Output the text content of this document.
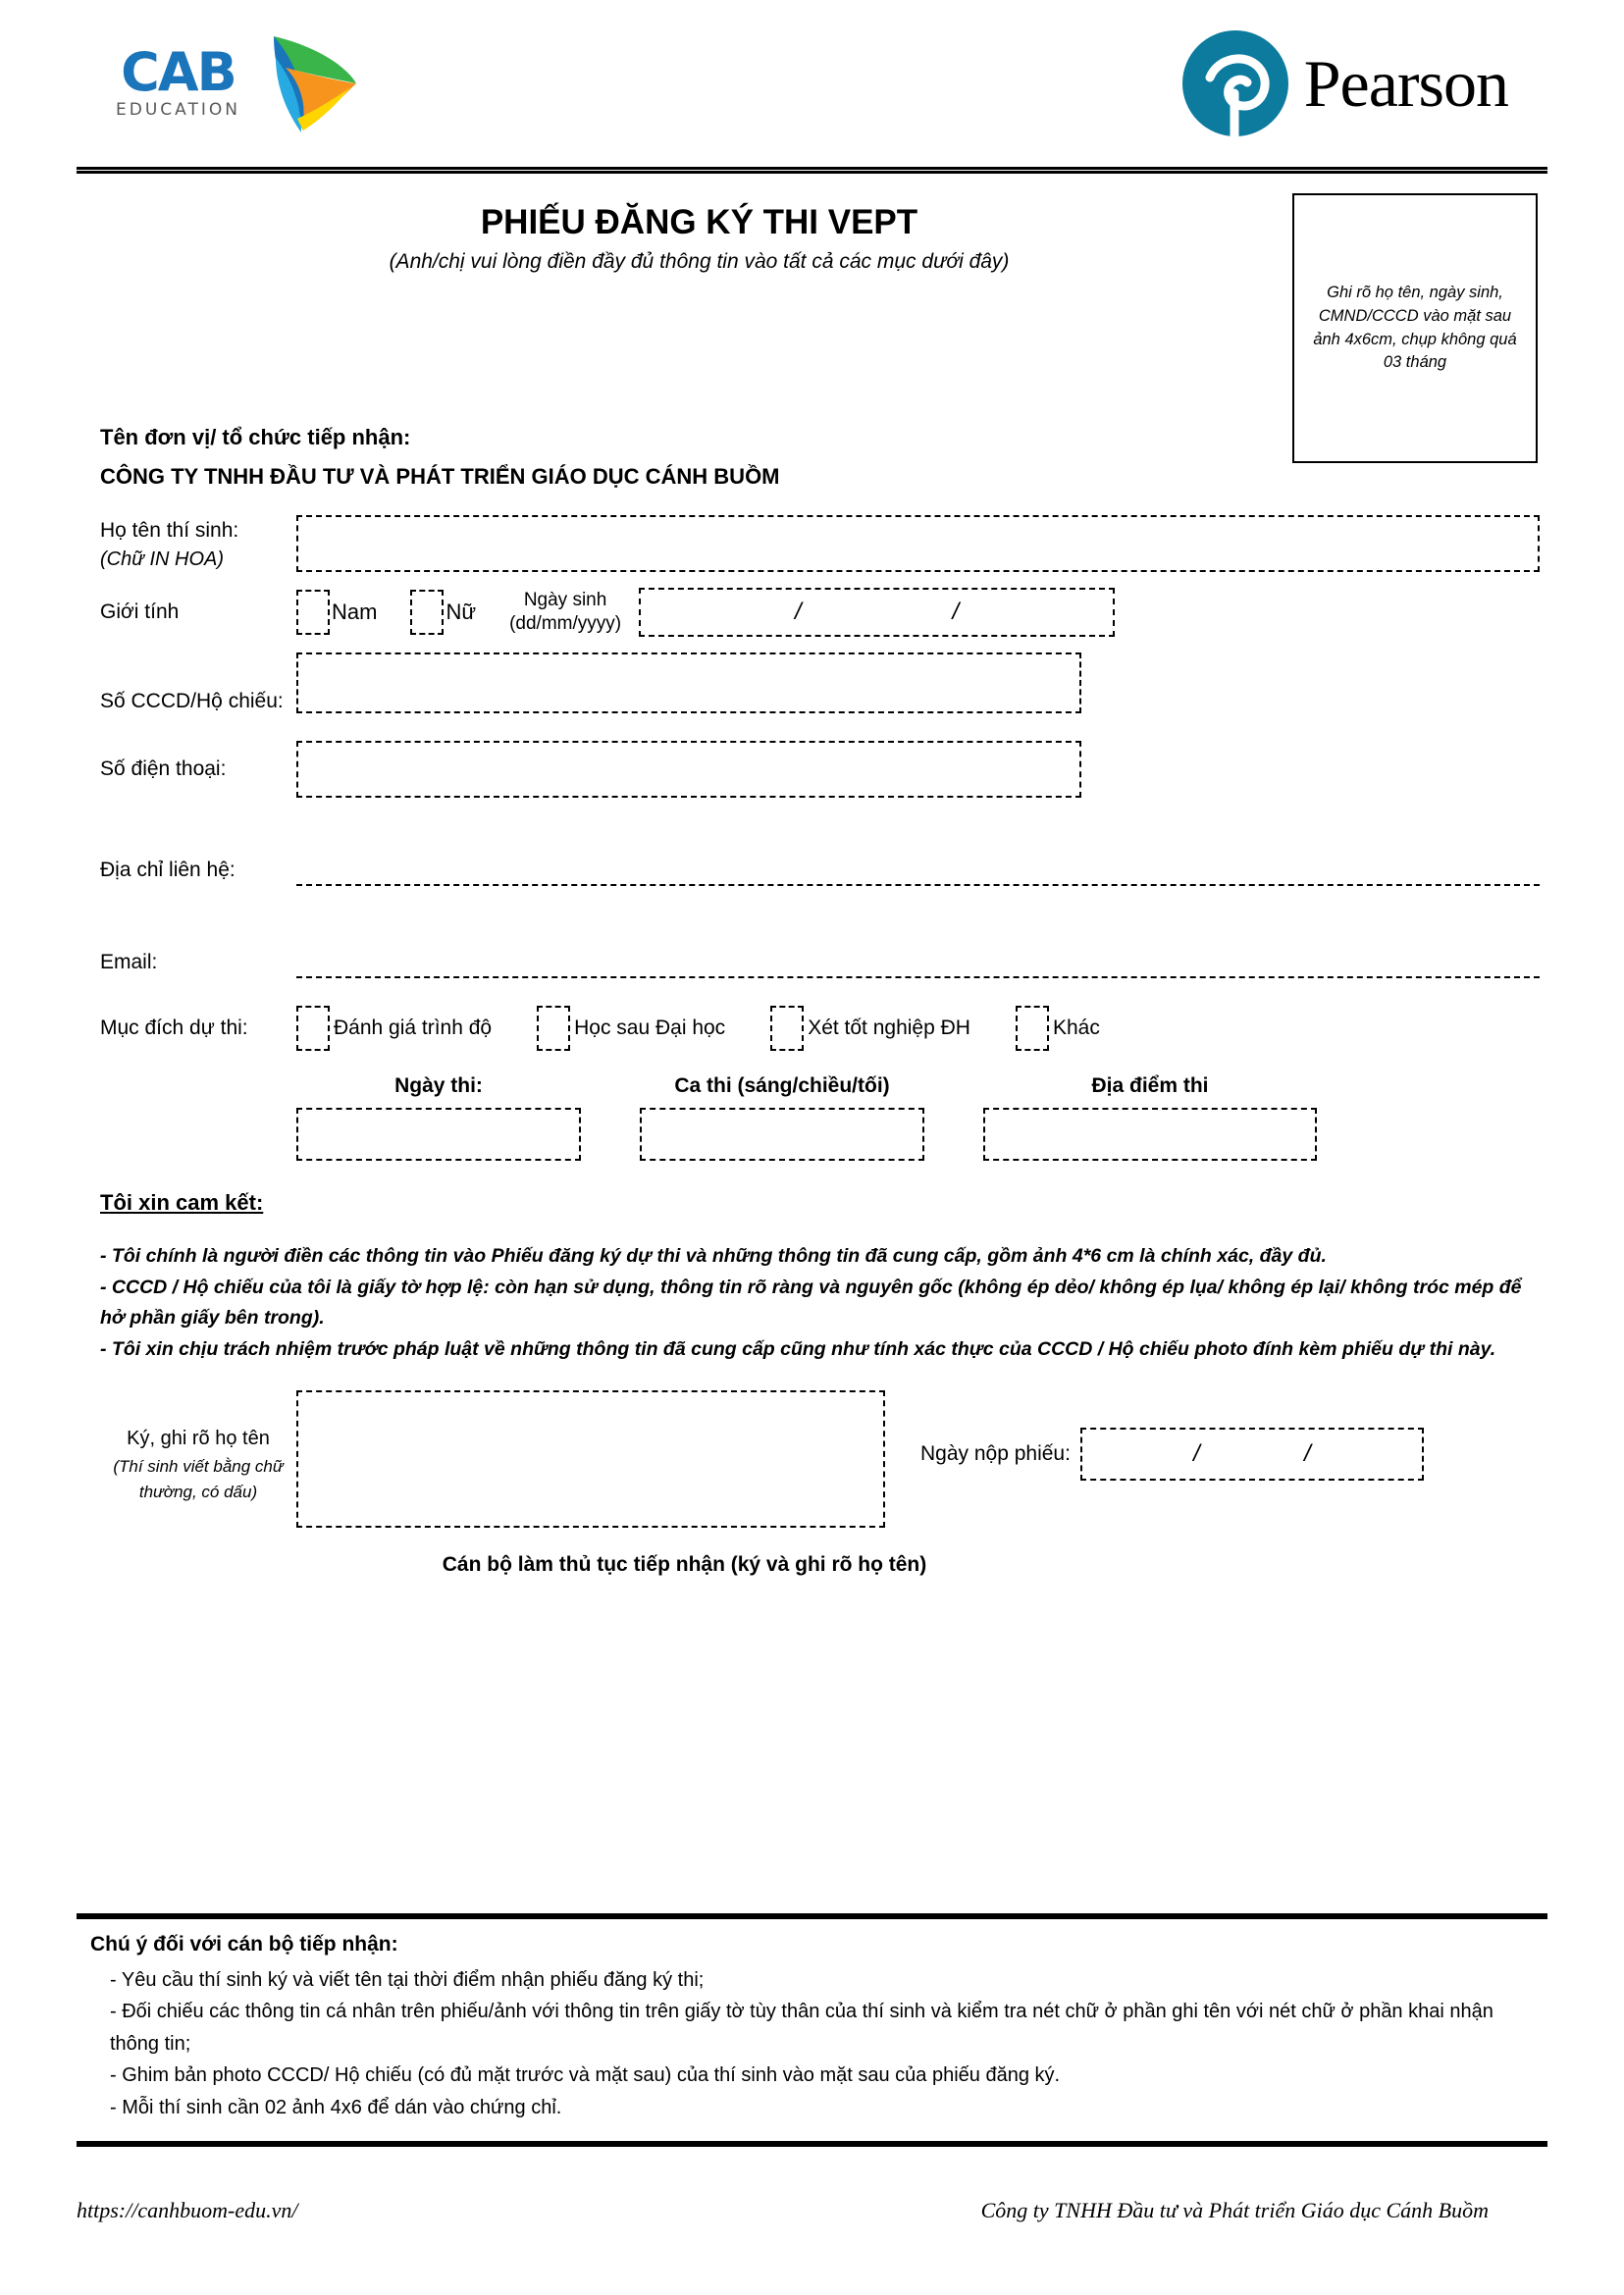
CAB
EDUCATION	Pearson
PHIẾU ĐĂNG KÝ THI VEPT
(Anh/chị vui lòng điền đầy đủ thông tin vào tất cả các mục dưới đây)
Ghi rõ họ tên, ngày sinh, CMND/CCCD vào mặt sau ảnh 4x6cm, chụp không quá 03 tháng
Tên đơn vị/ tổ chức tiếp nhận:
CÔNG TY TNHH ĐẦU TƯ VÀ PHÁT TRIỂN GIÁO DỤC CÁNH BUỒM
Họ tên thí sinh:
(Chữ IN HOA)
Giới tính	Nam	Nữ	Ngày sinh
(dd/mm/yyyy)	/	/
Số CCCD/Hộ chiếu:
Số điện thoại:
Địa chỉ liên hệ:
Email:
Mục đích dự thi:	Đánh giá trình độ	Học sau Đại học	Xét tốt nghiệp ĐH	Khác
Ngày thi:	Ca thi (sáng/chiều/tối)	Địa điểm thi
Tôi xin cam kết:
- Tôi chính là người điền các thông tin vào Phiếu đăng ký dự thi và những thông tin đã cung cấp, gồm ảnh 4*6 cm là chính xác, đầy đủ.
- CCCD / Hộ chiếu của tôi là giấy tờ hợp lệ: còn hạn sử dụng, thông tin rõ ràng và nguyên gốc (không ép dẻo/ không ép lụa/ không ép lại/ không tróc mép để hở phần giấy bên trong).
- Tôi xin chịu trách nhiệm trước pháp luật về những thông tin đã cung cấp cũng như tính xác thực của CCCD / Hộ chiếu photo đính kèm phiếu dự thi này.
Ký, ghi rõ họ tên
(Thí sinh viết bằng chữ thường, có dấu)
Ngày nộp phiếu:	/	/
Cán bộ làm thủ tục tiếp nhận (ký và ghi rõ họ tên)
Chú ý đối với cán bộ tiếp nhận:
- Yêu cầu thí sinh ký và viết tên tại thời điểm nhận phiếu đăng ký thi;
- Đối chiếu các thông tin cá nhân trên phiếu/ảnh với thông tin trên giấy tờ tùy thân của thí sinh và kiểm tra nét chữ ở phần ghi tên với nét chữ ở phần khai nhận thông tin;
- Ghim bản photo CCCD/ Hộ chiếu (có đủ mặt trước và mặt sau) của thí sinh vào mặt sau của phiếu đăng ký.
- Mỗi thí sinh cần 02 ảnh 4x6 để dán vào chứng chỉ.
https://canhbuom-edu.vn/	Công ty TNHH Đầu tư và Phát triển Giáo dục Cánh Buồm
